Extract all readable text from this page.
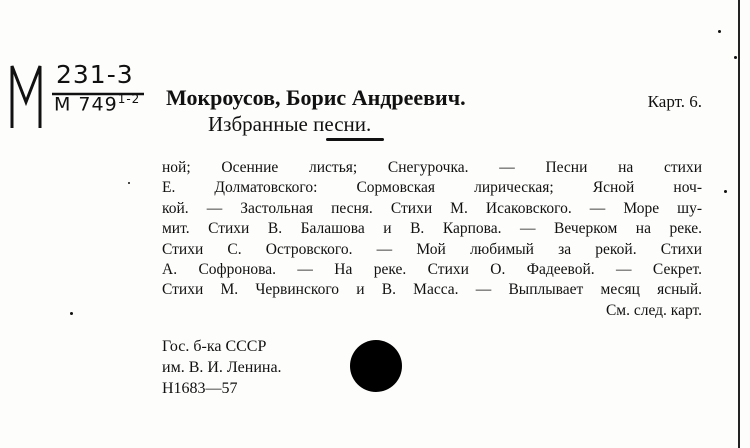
231-3
М 749$^{1-2}$	Карт. 6.
Мокроусов, Борис Андреевич.
Избранные песни.
ной; Осенние листья; Снегурочка. — Песни на стихи
Е. Долматовского: Сормовская лирическая; Ясной ноч-
кой. — Застольная песня. Стихи М. Исаковского. — Море шу-
мит. Стихи В. Балашова и В. Карпова. — Вечерком на реке.
Стихи С. Островского. — Мой любимый за рекой. Стихи
А. Софронова. — На реке. Стихи О. Фадеевой. — Секрет.
Стихи М. Червинского и В. Масса. — Выплывает месяц ясный.
См. след. карт.
Гос. б-ка СССР
им. В. И. Ленина.
Н1683—57
